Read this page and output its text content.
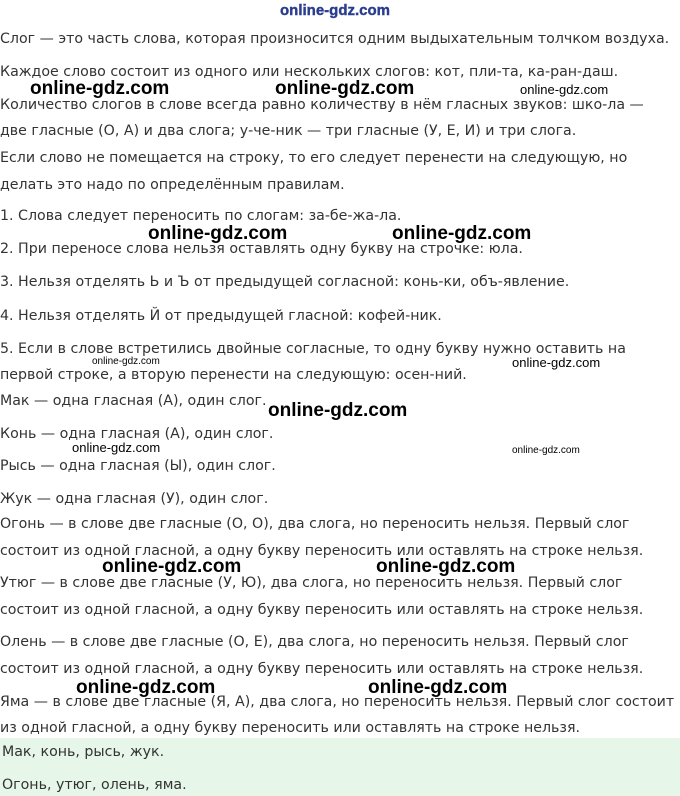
online-gdz.com

Слог — это часть слова, которая произносится одним выдыхательным толчком воздуха.

Каждое слово состоит из одного или нескольких слогов: кот, пли-та, ка-ран-даш.

Количество слогов в слове всегда равно количеству в нём гласных звуков: шко-ла —

две гласные (О, А) и два слога; у-че-ник — три гласные (У, Е, И) и три слога.

Если слово не помещается на строку, то его следует перенести на следующую, но

делать это надо по определённым правилам.

1. Слова следует переносить по слогам: за-бе-жа-ла.

2. При переносе слова нельзя оставлять одну букву на строчке: юла.

3. Нельзя отделять Ь и Ъ от предыдущей согласной: конь-ки, объ-явление.

4. Нельзя отделять Й от предыдущей гласной: кофей-ник.

5. Если в слове встретились двойные согласные, то одну букву нужно оставить на

первой строке, а вторую перенести на следующую: осен-ний.

Мак — одна гласная (А), один слог.

Конь — одна гласная (А), один слог.

Рысь — одна гласная (Ы), один слог.

Жук — одна гласная (У), один слог.

Огонь — в слове две гласные (О, О), два слога, но переносить нельзя. Первый слог

состоит из одной гласной, а одну букву переносить или оставлять на строке нельзя.

Утюг — в слове две гласные (У, Ю), два слога, но переносить нельзя. Первый слог

состоит из одной гласной, а одну букву переносить или оставлять на строке нельзя.

Олень — в слове две гласные (О, Е), два слога, но переносить нельзя. Первый слог

состоит из одной гласной, а одну букву переносить или оставлять на строке нельзя.

Яма — в слове две гласные (Я, А), два слога, но переносить нельзя. Первый слог состоит

из одной гласной, а одну букву переносить или оставлять на строке нельзя.

Мак, конь, рысь, жук.

Огонь, утюг, олень, яма.

online-gdz.com	online-gdz.com	online-gdz.com
online-gdz.com	online-gdz.com
online-gdz.com	online-gdz.com
online-gdz.com
online-gdz.com	online-gdz.com
online-gdz.com	online-gdz.com
online-gdz.com	online-gdz.com
